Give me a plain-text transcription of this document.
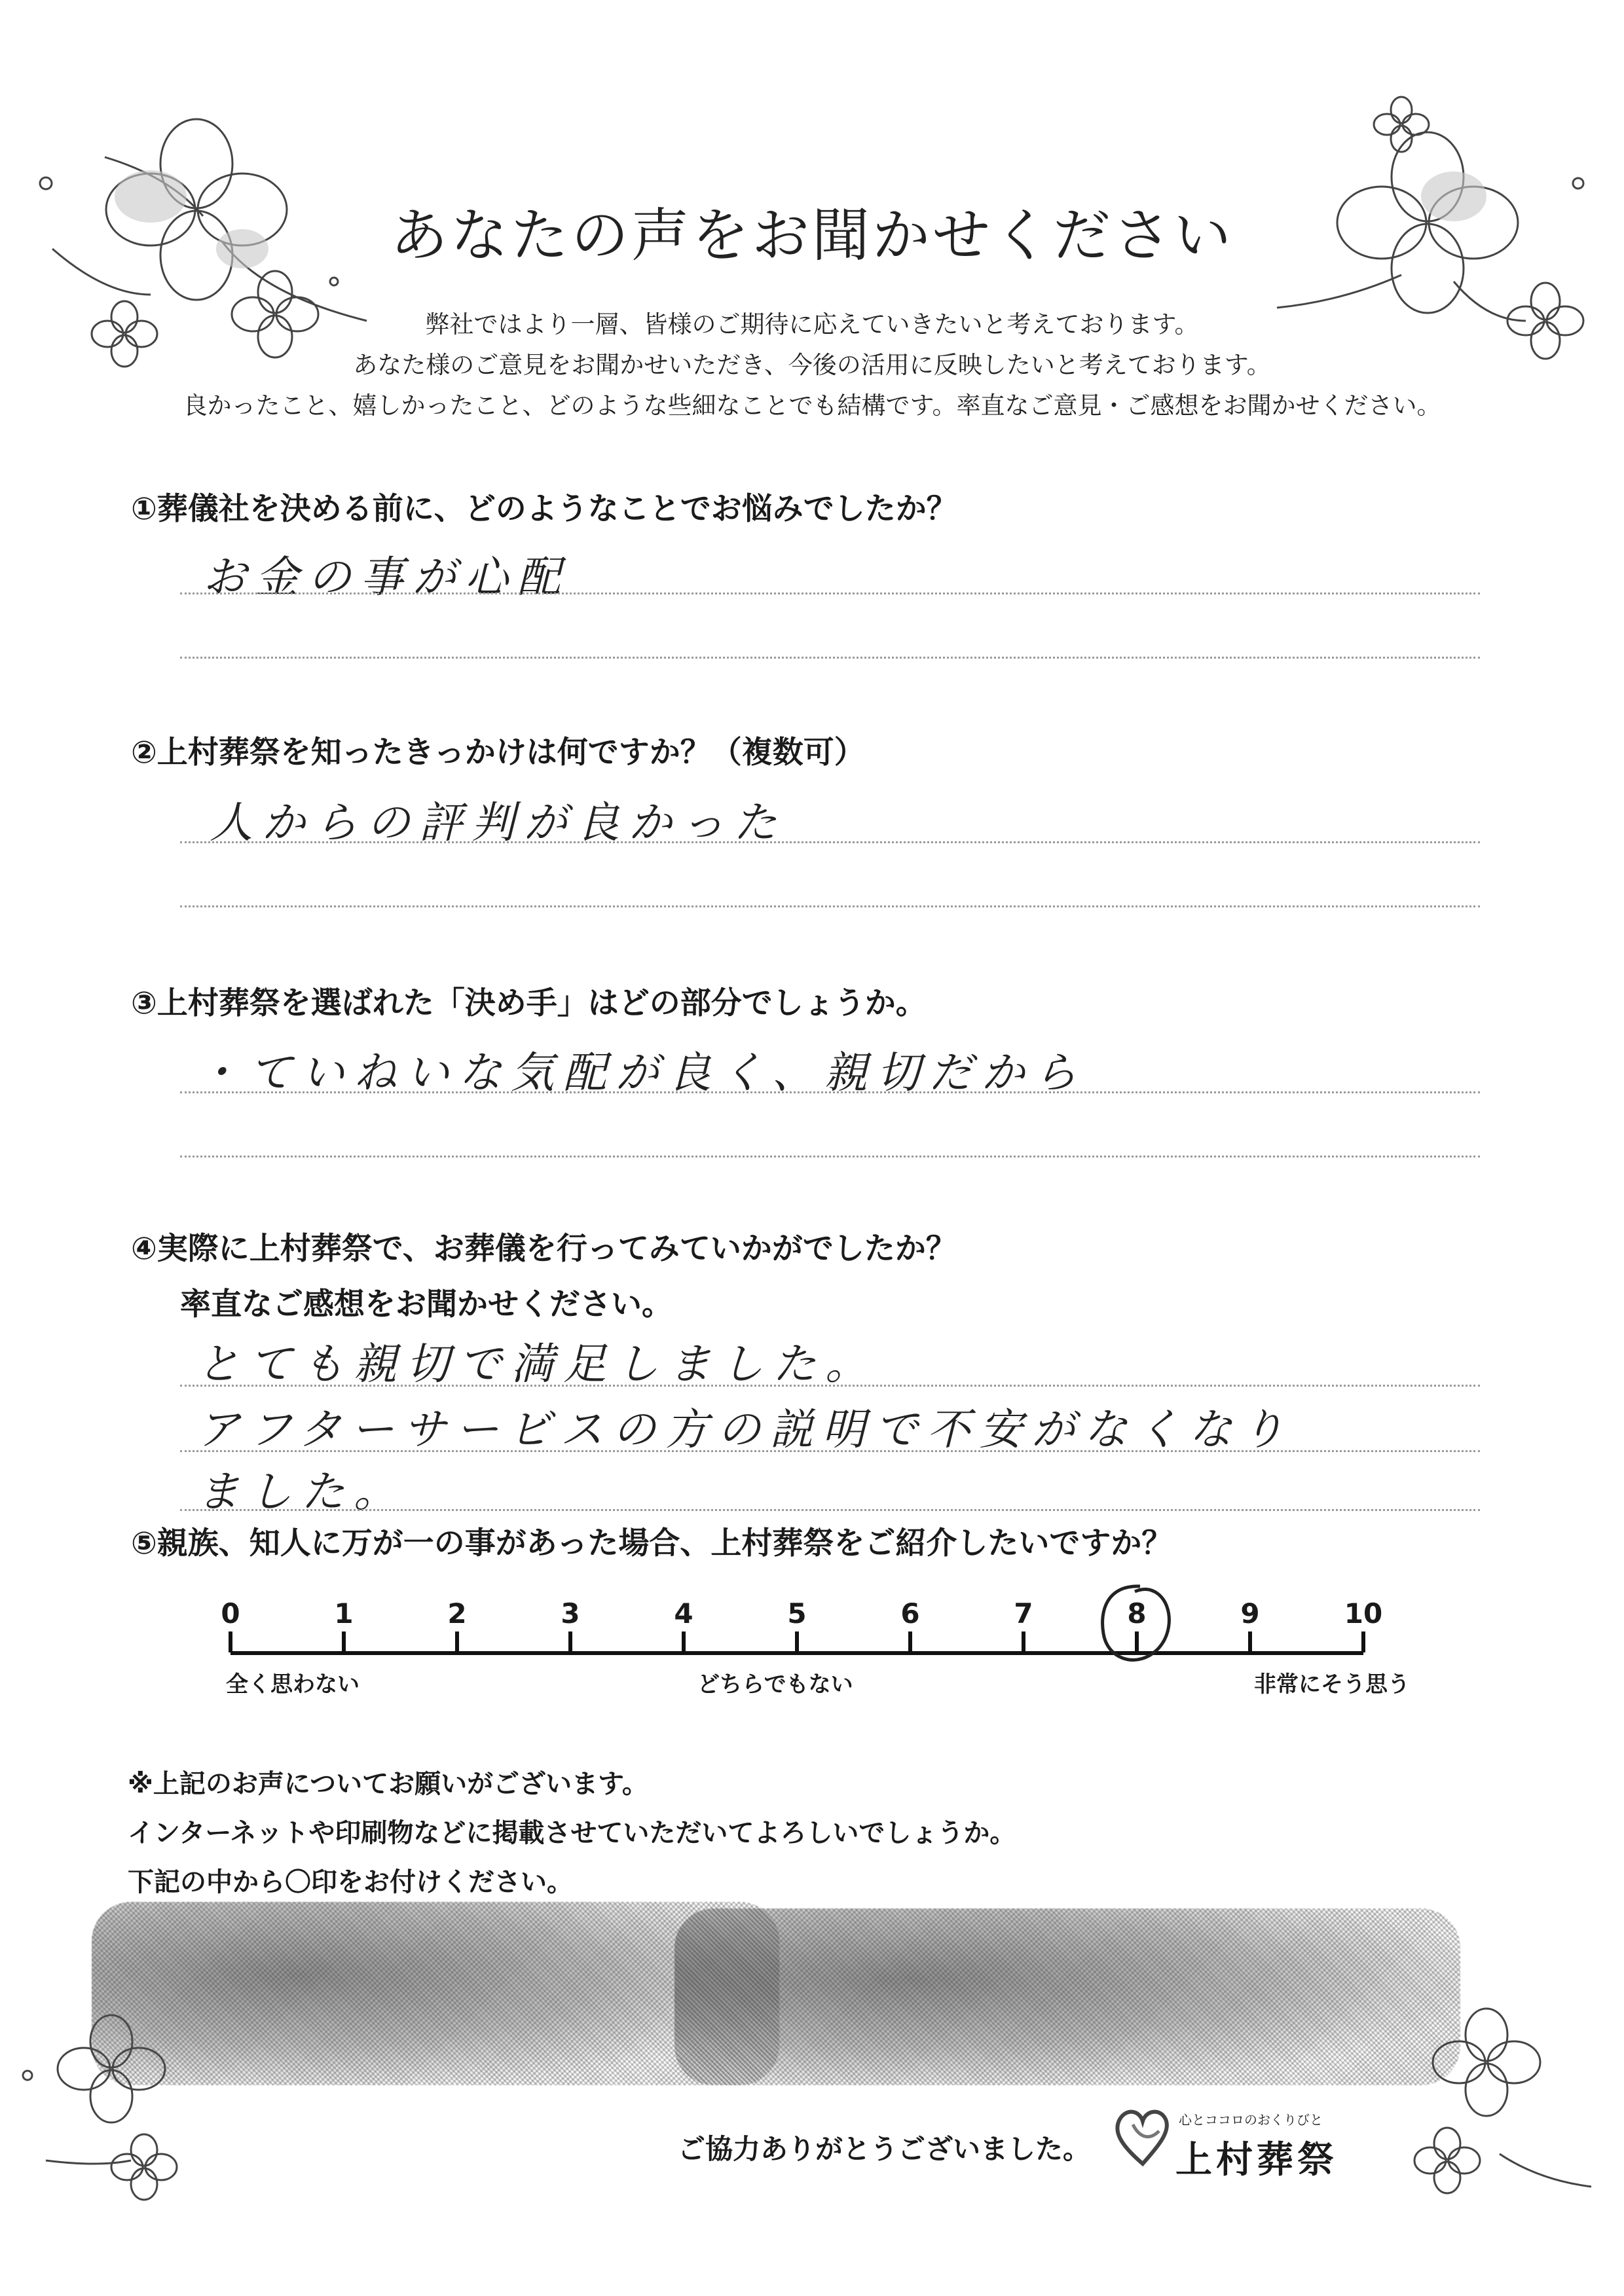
あなたの声をお聞かせください
弊社ではより一層、皆様のご期待に応えていきたいと考えております。
あなた様のご意見をお聞かせいただき、今後の活用に反映したいと考えております。
良かったこと、嬉しかったこと、どのような些細なことでも結構です。率直なご意見・ご感想をお聞かせください。
①葬儀社を決める前に、どのようなことでお悩みでしたか？
お金の事が心配
②上村葬祭を知ったきっかけは何ですか？（複数可）
人からの評判が良かった
③上村葬祭を選ばれた「決め手」はどの部分でしょうか。
・ていねいな気配が良く、親切だから
④実際に上村葬祭で、お葬儀を行ってみていかがでしたか？
率直なご感想をお聞かせください。
とても親切で満足しました。
アフターサービスの方の説明で不安がなくなり
ました。
⑤親族、知人に万が一の事があった場合、上村葬祭をご紹介したいですか？
0	1	2	3	4	5	6	7	8	9	10
全く思わない	どちらでもない	非常にそう思う
※上記のお声についてお願いがございます。
インターネットや印刷物などに掲載させていただいてよろしいでしょうか。
下記の中から〇印をお付けください。
ご協力ありがとうございました。
心とココロのおくりびと
上村葬祭
